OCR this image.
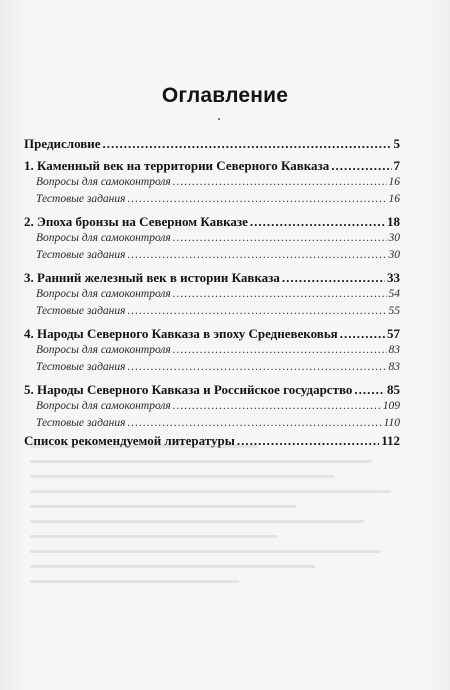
Оглавление
Предисловие .....	5
1. Каменный век на территории Северного Кавказа .....	7
Вопросы для самоконтроля .....	16
Тестовые задания .....	16
2. Эпоха бронзы на Северном Кавказе .....	18
Вопросы для самоконтроля .....	30
Тестовые задания .....	30
3. Ранний железный век в истории Кавказа .....	33
Вопросы для самоконтроля .....	54
Тестовые задания .....	55
4. Народы Северного Кавказа в эпоху Средневековья .....	57
Вопросы для самоконтроля .....	83
Тестовые задания .....	83
5. Народы Северного Кавказа и Российское государство .....	85
Вопросы для самоконтроля .....	109
Тестовые задания .....	110
Список рекомендуемой литературы .....	112
